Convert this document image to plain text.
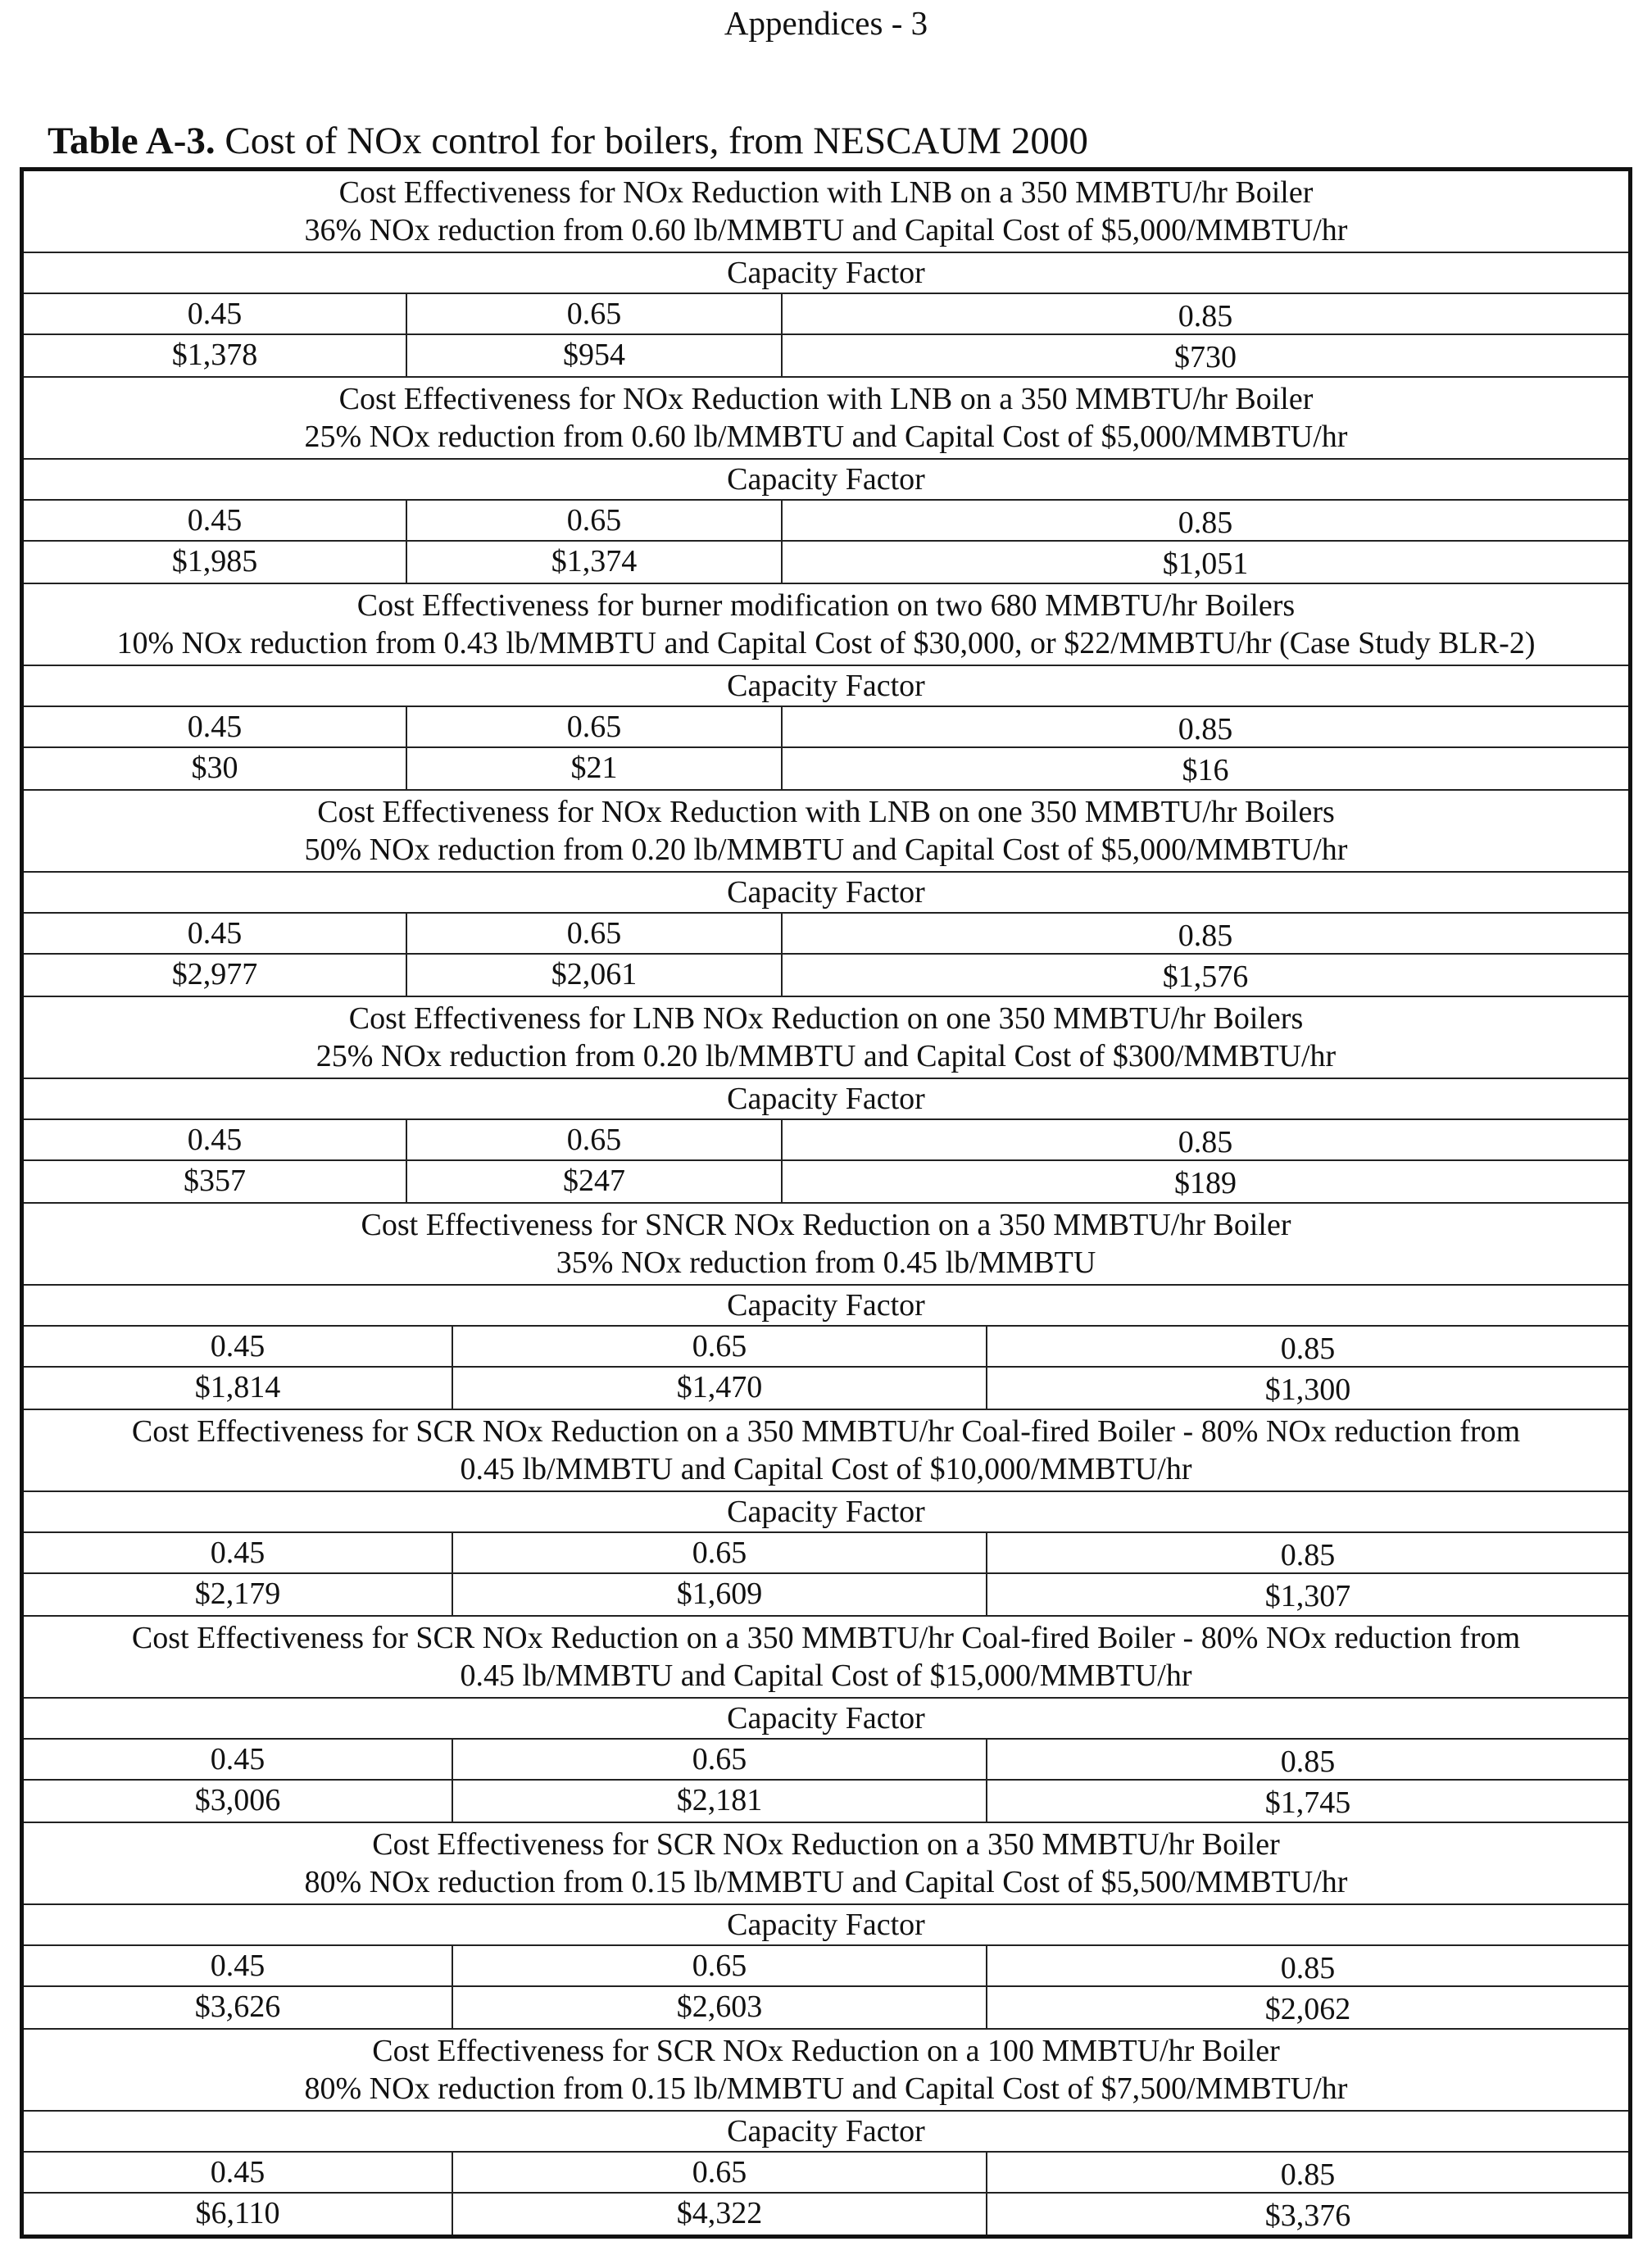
Appendices - 3
Table A-3. Cost of NOx control for boilers, from NESCAUM 2000
Cost Effectiveness for NOx Reduction with LNB on a 350 MMBTU/hr Boiler
36% NOx reduction from 0.60 lb/MMBTU and Capital Cost of $5,000/MMBTU/hr
Capacity Factor
0.45	0.65	0.85
$1,378	$954	$730
Cost Effectiveness for NOx Reduction with LNB on a 350 MMBTU/hr Boiler
25% NOx reduction from 0.60 lb/MMBTU and Capital Cost of $5,000/MMBTU/hr
Capacity Factor
0.45	0.65	0.85
$1,985	$1,374	$1,051
Cost Effectiveness for burner modification on two 680 MMBTU/hr Boilers
10% NOx reduction from 0.43 lb/MMBTU and Capital Cost of $30,000, or $22/MMBTU/hr (Case Study BLR-2)
Capacity Factor
0.45	0.65	0.85
$30	$21	$16
Cost Effectiveness for NOx Reduction with LNB on one 350 MMBTU/hr Boilers
50% NOx reduction from 0.20 lb/MMBTU and Capital Cost of $5,000/MMBTU/hr
Capacity Factor
0.45	0.65	0.85
$2,977	$2,061	$1,576
Cost Effectiveness for LNB NOx Reduction on one 350 MMBTU/hr Boilers
25% NOx reduction from 0.20 lb/MMBTU and Capital Cost of $300/MMBTU/hr
Capacity Factor
0.45	0.65	0.85
$357	$247	$189
Cost Effectiveness for SNCR NOx Reduction on a 350 MMBTU/hr Boiler
35% NOx reduction from 0.45 lb/MMBTU
Capacity Factor
0.45	0.65	0.85
$1,814	$1,470	$1,300
Cost Effectiveness for SCR NOx Reduction on a 350 MMBTU/hr Coal-fired Boiler - 80% NOx reduction from
0.45 lb/MMBTU and Capital Cost of $10,000/MMBTU/hr
Capacity Factor
0.45	0.65	0.85
$2,179	$1,609	$1,307
Cost Effectiveness for SCR NOx Reduction on a 350 MMBTU/hr Coal-fired Boiler - 80% NOx reduction from
0.45 lb/MMBTU and Capital Cost of $15,000/MMBTU/hr
Capacity Factor
0.45	0.65	0.85
$3,006	$2,181	$1,745
Cost Effectiveness for SCR NOx Reduction on a 350 MMBTU/hr Boiler
80% NOx reduction from 0.15 lb/MMBTU and Capital Cost of $5,500/MMBTU/hr
Capacity Factor
0.45	0.65	0.85
$3,626	$2,603	$2,062
Cost Effectiveness for SCR NOx Reduction on a 100 MMBTU/hr Boiler
80% NOx reduction from 0.15 lb/MMBTU and Capital Cost of $7,500/MMBTU/hr
Capacity Factor
0.45	0.65	0.85
$6,110	$4,322	$3,376
